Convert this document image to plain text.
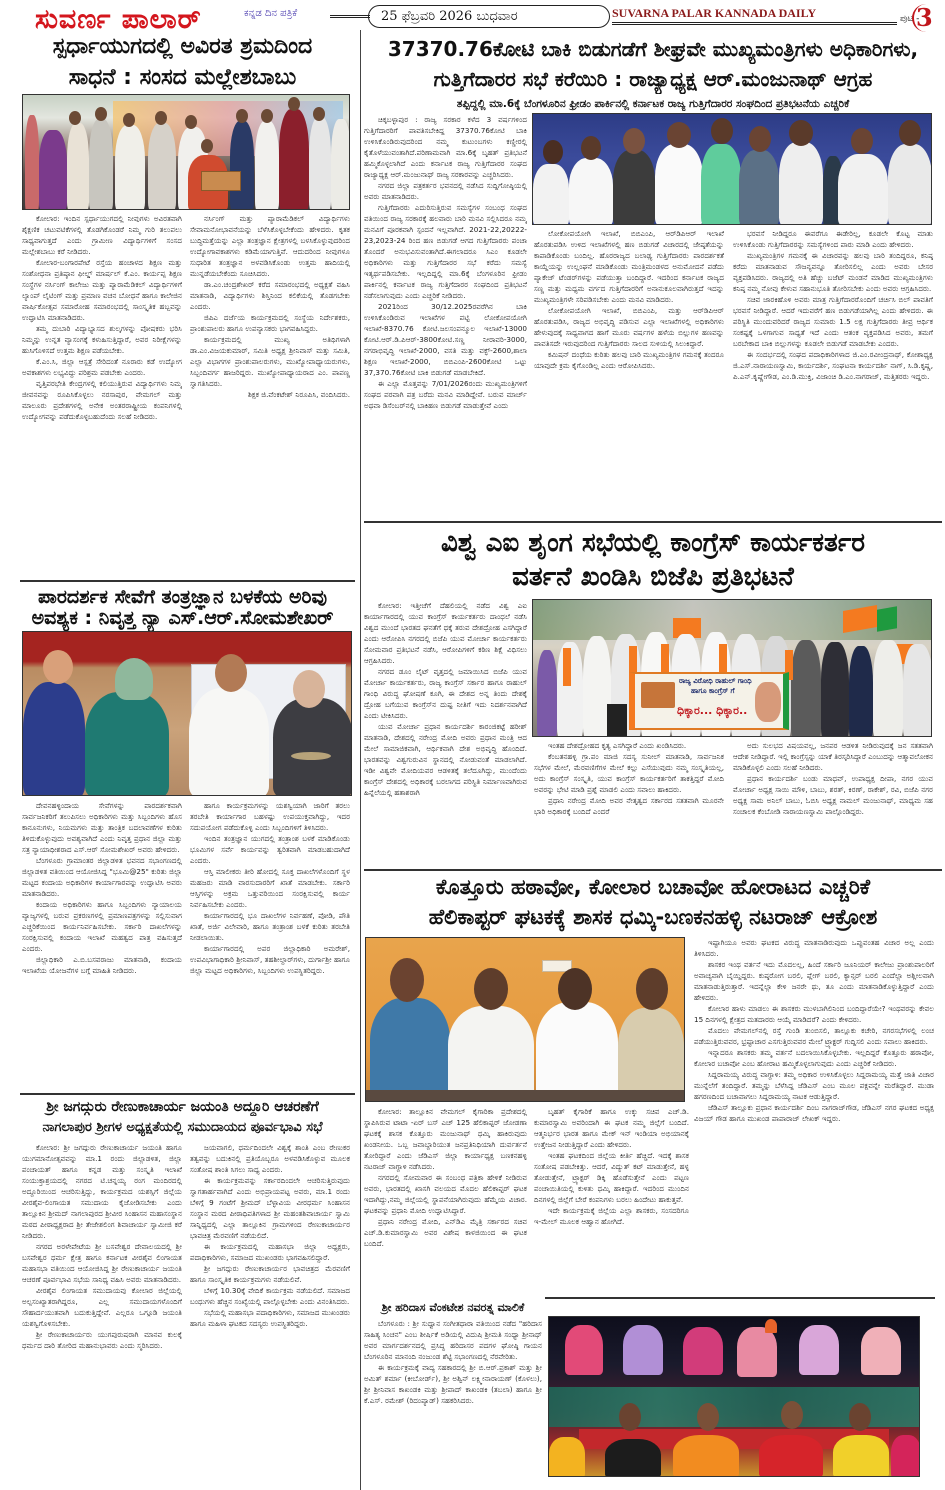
ಸುವರ್ಣ ಪಾಲಾರ್	ಕನ್ನಡ ದಿನ ಪತ್ರಿಕೆ	25 ಫೆಬ್ರವರಿ 2026 ಬುಧವಾರ	SUVARNA PALAR KANNADA DAILY	ಪುಟ -
3
ಸ್ಪರ್ಧಾಯುಗದಲ್ಲಿ ಅವಿರತ ಶ್ರಮದಿಂದ
ಸಾಧನೆ : ಸಂಸದ ಮಲ್ಲೇಶಬಾಬು

ಕೋಲಾರ: ಇಂದಿನ ಸ್ಪರ್ಧಾಯುಗದಲ್ಲಿ ನೀವುಗಳು ಅವಿರತವಾಗಿ ಶೈಕ್ಷಣಿಕ ಚಟುವಟಿಕೆಗಳಲ್ಲಿ ತೊಡಗಿಕೊಂಡರೆ ನಿಮ್ಮ ಗುರಿ ತಲುಪಲು ಸಾಧ್ಯವಾಗುತ್ತದೆ ಎಂದು ಗ್ರಾಮೀಣ ವಿದ್ಯಾರ್ಥಿಗಳಿಗೆ ಸಂಸದ ಮಲ್ಲೇಶಬಾಬು ಕರೆ ನೀಡಿದರು.

ಕೋಲಾರ-ಬಂಗಾರಪೇಟೆ ರಸ್ತೆಯ ಹಂಚಾಳದ ಶಿಕ್ಷಣ ಮತ್ತು ಸಂಶೋಧನಾ ಪ್ರತಿಷ್ಠಾನ ಫೀಲ್ಡ್ ಮಾರ್ಷಲ್ ಕೆ.ಎಂ. ಕಾರ್ಯಪ್ಪ ಶಿಕ್ಷಣ ಸಂಸ್ಥೆಗಳ ನರ್ಸಿಂಗ್ ಕಾಲೇಜು ಮತ್ತು ಪ್ಯಾರಾಮೆಡಿಕಲ್ ವಿದ್ಯಾರ್ಥಿಗಳಿಗೆ ಲ್ಯಾಂಪ್ ಲೈಟಿಂಗ್ ಮತ್ತು ಪ್ರಮಾಣ ವಚನ ಬೋಧನೆ ಹಾಗೂ ಕಾಲೇಜಿನ ವಾರ್ಷಿಕೋತ್ಸವ ಸಮಾರೋಹ ಸಮಾರಂಭದಲ್ಲಿ ಸಾಂಸ್ಕೃತಿಕ ಹಬ್ಬವನ್ನು ಉದ್ಘಾಟಿಸಿ ಮಾತನಾಡಿದರು.

ತಮ್ಮ ದುಬಾರಿ ವಿದ್ಯಾಭ್ಯಾಸದ ಶುಲ್ಕಗಳನ್ನು ಪೋಷಕರು ಭರಿಸಿ ನಿಮ್ಮನ್ನು ಉನ್ನತ ವ್ಯಾಸಂಗಕ್ಕೆ ಕಳುಹಿಸುತ್ತಿದ್ದಾರೆ, ಅವರ ನಿರೀಕ್ಷೆಗಳನ್ನು ಹುಸಿಗೊಳಿಸದೆ ಉತ್ತಮ ಶಿಕ್ಷಣ ಪಡೆಯಬೇಕು.

ಕೆ.ಎಂ.ಸಿ, ಜಿಲ್ಲಾ ಆಸ್ಪತ್ರೆ ಸೇರಿದಂತೆ ನೂರಾರು ಕಡೆ ಉದ್ಯೋಗ ಅವಕಾಶಗಳು ಲಭ್ಯವಿದ್ದು ಪರಿಶ್ರಮ ಪಡಬೇಕು ಎಂದರು.

ವೃತ್ತಿಪರಭೇತಿ ಕೇಂದ್ರಗಳಲ್ಲಿ ಕಲಿಯುತ್ತಿರುವ ವಿದ್ಯಾರ್ಥಿಗಳು ನಿಮ್ಮ ಜೀವನವನ್ನು ರೂಪಿಸಿಕೊಳ್ಳಲು ನರಸಾಪುರ, ವೇಮಗಲ್ ಮತ್ತು ಮಾಲೂರು ಪ್ರದೇಶಗಳಲ್ಲಿ ಅನೇಕ ಅಂತರರಾಷ್ಟ್ರೀಯ ಕಂಪನಿಗಳಲ್ಲಿ ಉದ್ಯೋಗವನ್ನು ಪಡೆದುಕೊಳ್ಳಬಹುದೆಂದು ಸಲಹೆ ನೀಡಿದರು.

ನರ್ಸಿಂಗ್ ಮತ್ತು ಪ್ಯಾರಾಮೆಡಿಕಲ್ ವಿದ್ಯಾರ್ಥಿಗಳು ಸೇವಾಮನೋಭಾವನೆಯನ್ನು ಬೆಳೆಸಿಕೊಳ್ಳಬೇಕೆಂದು ಹೇಳಿದರು. ಕೃತಕ ಬುದ್ಧಿಮತ್ತೆಯನ್ನು ಎಲ್ಲಾ ತಂತ್ರಜ್ಞಾನ ಕ್ಷೇತ್ರಗಳಲ್ಲಿ ಬಳಸಿಕೊಳ್ಳುವುದರಿಂದ ಉದ್ಯೋಗಾವಕಾಶಗಳು ಕಡಿಮೆಯಾಗುತ್ತಿವೆ. ಆದುದರಿಂದ ನೀವುಗಳೂ ಸುಧಾರಿತ ತಂತ್ರಜ್ಞಾನ ಅಳವಡಿಸಿಕೊಂಡು ಉತ್ತಮ ಹಾದಿಯಲ್ಲಿ ಮುನ್ನಡೆಯಬೇಕೆಂದು ಸೂಚಿಸಿದರು.

ಡಾ.ಎಂ.ಚಂದ್ರಶೇಖರ್ ಕರೆದ ಸಮಾರಂಭದಲ್ಲಿ ಅಧ್ಯಕ್ಷತೆ ವಹಿಸಿ ಮಾತನಾಡಿ, ವಿದ್ಯಾರ್ಥಿಗಳು ಶಿಸ್ತಿನಿಂದ ಕಲಿಕೆಯಲ್ಲಿ ತೊಡಗಬೇಕು ಎಂದರು.

ಜಿಪಿಎ ದರ್ಜೆಯ ಕಾರ್ಯಕ್ರಮದಲ್ಲಿ ಸಂಸ್ಥೆಯ ನಿರ್ದೇಶಕರು, ಪ್ರಾಂಶುಪಾಲರು ಹಾಗೂ ಉಪನ್ಯಾಸಕರು ಭಾಗವಹಿಸಿದ್ದರು.

ಕಾರ್ಯಕ್ರಮದಲ್ಲಿ ಮುಖ್ಯ ಅತಿಥಿಗಳಾಗಿ ಡಾ.ಎಂ.ವಿಜಯಕುಮಾರ್, ಸಮಿತಿ ಅಧ್ಯಕ್ಷ ಶ್ರೀನಿವಾಸ್ ಮತ್ತು ಸಮಿತಿ, ಎಲ್ಲಾ ವಿಭಾಗಗಳ ಪ್ರಾಂಶುಪಾಲರುಗಳು, ಮುಖ್ಯೋಪಾಧ್ಯಾಯರುಗಳು, ಸಿಬ್ಬಂದಿವರ್ಗ ಹಾಜರಿದ್ದರು. ಮುಖ್ಯೋಪಾಧ್ಯಾಯರಾದ ಎಂ. ಪಾಪಣ್ಣ ಸ್ವಾಗತಿಸಿದರು.

ಶಿಕ್ಷಕ ಜಿ.ವೆಂಕಟೇಶ್ ನಿರೂಪಿಸಿ, ವಂದಿಸಿದರು.

ಪಾರದರ್ಶಕ ಸೇವೆಗೆ ತಂತ್ರಜ್ಞಾನ ಬಳಕೆಯ ಅರಿವು
ಅವಶ್ಯಕ : ನಿವೃತ್ತ ನ್ಯಾ ಎಸ್.ಆರ್.ಸೋಮಶೇಖರ್

ದೇವನಹಳ್ಳಿಂದಾಯ ಸೇವೆಗಳನ್ನು ಪಾರದರ್ಶಕವಾಗಿ ಸಾರ್ವಜನಿಕರಿಗೆ ತಲುಪಿಸಲು ಅಧಿಕಾರಿಗಳು ಮತ್ತು ಸಿಬ್ಬಂದಿಗಳು ಹೊಸ ಕಾನೂನುಗಳು, ನಿಯಮಗಳು ಮತ್ತು ತಾಂತ್ರಿಕ ಬದಲಾವಣೆಗಳ ಕುರಿತು ತಿಳಿದುಕೊಳ್ಳುವುದು ಅವಶ್ಯವಾಗಿದೆ ಎಂದು ನಿವೃತ್ತ ಪ್ರಧಾನ ಜಿಲ್ಲಾ ಮತ್ತು ಸತ್ರ ನ್ಯಾಯಾಧೀಶರಾದ ಎಸ್.ಆರ್ ಸೋಮಶೇಖರ್ ಅವರು ಹೇಳಿದರು.

ಬೆಂಗಳೂರು ಗ್ರಾಮಾಂತರ ಜಿಲ್ಲಾಡಳಿತ ಭವನದ ಸಭಾಂಗಣದಲ್ಲಿ ಜಿಲ್ಲಾಡಳಿತ ವತಿಯಿಂದ ಆಯೋಜಿಸಿದ್ದ "ಭೂಮಿ@25" ಕುರಿತು ಜಿಲ್ಲಾ ಮಟ್ಟದ ಕಂದಾಯ ಅಧಿಕಾರಿಗಳ ಕಾರ್ಯಾಗಾರವನ್ನು ಉದ್ಘಾಟಿಸಿ ಅವರು ಮಾತನಾಡಿದರು.

ಕಂದಾಯ ಅಧಿಕಾರಿಗಳು ಹಾಗೂ ಸಿಬ್ಬಂದಿಗಳು ನ್ಯಾಯಾಲಯ ವ್ಯಾಜ್ಯಗಳಲ್ಲಿ ಬರುವ ಪ್ರಕರಣಗಳಲ್ಲಿ ಪ್ರಮಾಣಪತ್ರಗಳನ್ನು ಸಲ್ಲಿಸುವಾಗ ಎಚ್ಚರಿಕೆಯಿಂದ ಕಾರ್ಯನಿರ್ವಹಿಸಬೇಕು. ಸರ್ಕಾರಿ ದಾಖಲೆಗಳನ್ನು ಸಂರಕ್ಷಿಸುವಲ್ಲಿ ಕಂದಾಯ ಇಲಾಖೆ ಮಹತ್ವದ ಪಾತ್ರ ವಹಿಸುತ್ತದೆ ಎಂದರು.

ಜಿಲ್ಲಾಧಿಕಾರಿ ಎ.ಬಿ.ಬಸವರಾಜು ಮಾತನಾಡಿ, ಕಂದಾಯ ಇಲಾಖೆಯ ಯೋಜನೆಗಳ ಬಗ್ಗೆ ಮಾಹಿತಿ ನೀಡಿದರು.

ಹಾಗೂ ಕಾರ್ಯಕ್ರಮಗಳನ್ನು ಯಶಸ್ವಿಯಾಗಿ ಜಾರಿಗೆ ತರಲು ತರಬೇತಿ ಕಾರ್ಯಾಗಾರ ಬಹಳಷ್ಟು ಉಪಯುಕ್ತವಾಗಿದ್ದು, ಇದರ ಸದುಪಯೋಗ ಪಡೆದುಕೊಳ್ಳಿ ಎಂದು ಸಿಬ್ಬಂದಿಗಳಿಗೆ ತಿಳಿಸಿದರು.

ಇಂದಿನ ತಂತ್ರಜ್ಞಾನ ಯುಗದಲ್ಲಿ ತಂತ್ರಾಂಶ ಬಳಕೆ ಮಾಡಿಕೊಂಡು ಭೂಮಿಗಳ ಸರ್ವೆ ಕಾರ್ಯವನ್ನು ತ್ವರಿತವಾಗಿ ಮಾಡಬಹುದಾಗಿದೆ ಎಂದರು.

ಆಸ್ತಿ ಮಾಲೀಕರು ತೀರಿ ಹೋದಲ್ಲಿ ಸೂಕ್ತ ದಾಖಲೆಗಳೊಂದಿಗೆ ಸ್ಥಳ ಮಹಜರು ಮಾಡಿ ವಾರಸುದಾರರಿಗೆ ಖಾತೆ ಮಾಡಬೇಕು. ಸರ್ಕಾರಿ ಆಸ್ತಿಗಳನ್ನು ಅಕ್ರಮ ಒತ್ತುವರಿಯಿಂದ ಸಂರಕ್ಷಿಸುವಲ್ಲಿ ಕಾರ್ಯ ನಿರ್ವಹಿಸಬೇಕು ಎಂದರು.

ಕಾರ್ಯಾಗಾರದಲ್ಲಿ ಭೂ ದಾಖಲೆಗಳ ನಿರ್ವಹಣೆ, ಪೋಡಿ, ಪೌತಿ ಖಾತೆ, ಅರ್ಜಿ ವಿಲೇವಾರಿ, ಹಾಗೂ ತಂತ್ರಾಂಶ ಬಳಕೆ ಕುರಿತು ತರಬೇತಿ ನೀಡಲಾಯಿತು.

ಕಾರ್ಯಾಗಾರದಲ್ಲಿ ಅಪರ ಜಿಲ್ಲಾಧಿಕಾರಿ ಅಮರೇಶ್, ಉಪವಿಭಾಗಾಧಿಕಾರಿ ಶ್ರೀನಿವಾಸ್, ತಹಶೀಲ್ದಾರ್‌ಗಳು, ದುರ್ಗಾಶ್ರೀ ಹಾಗೂ ಜಿಲ್ಲಾ ಮಟ್ಟದ ಅಧಿಕಾರಿಗಳು, ಸಿಬ್ಬಂದಿಗಳು ಉಪಸ್ಥಿತರಿದ್ದರು.

ಶ್ರೀ ಜಗದ್ಗುರು ರೇಣುಕಾಚಾರ್ಯ ಜಯಂತಿ ಅದ್ದೂರಿ ಆಚರಣೆಗೆ
ನಾಗಲಾಪುರ ಶ್ರೀಗಳ ಅಧ್ಯಕ್ಷತೆಯಲ್ಲಿ ಸಮುದಾಯದ ಪೂರ್ವಭಾವಿ ಸಭೆ

ಕೋಲಾರ: ಶ್ರೀ ಜಗದ್ಗುರು ರೇಣುಕಾಚಾರ್ಯ ಜಯಂತಿ ಹಾಗೂ ಯುಗಮಾನೋತ್ಸವವನ್ನು ಮಾ.1 ರಂದು ಜಿಲ್ಲಾಡಳಿತ, ಜಿಲ್ಲಾ ಪಂಚಾಯತ್ ಹಾಗೂ ಕನ್ನಡ ಮತ್ತು ಸಂಸ್ಕೃತಿ ಇಲಾಖೆ ಸಂಯುಕ್ತಾಶ್ರಯದಲ್ಲಿ ನಗರದ ಟಿ.ಚನ್ನಯ್ಯ ರಂಗ ಮಂದಿರದಲ್ಲಿ ಅದ್ದೂರಿಯಿಂದ ಆಚರಿಸುತ್ತಿದ್ದು, ಕಾರ್ಯಕ್ರಮದ ಯಶಸ್ಸಿಗೆ ಜಿಲ್ಲೆಯ ವೀರಶೈವ-ಲಿಂಗಾಯತ ಸಮುದಾಯ ಕೈಜೋಡಿಸಬೇಕು ಎಂದು ತಾಲ್ಲೂಕಿನ ಶ್ರೀಮದ್ ನಾಗಲಾಪುರದ ಶ್ರೀವೀರ ಸಿಂಹಾಸನ ಮಹಾಸಂಸ್ಥಾನ ಮಠದ ಪೀಠಾಧ್ಯಕ್ಷರಾದ ಶ್ರೀ ತೇಜೇಶಲಿಂಗ ಶಿವಾಚಾರ್ಯ ಸ್ವಾಮೀಜಿ ಕರೆ ನೀಡಿದರು.

ನಗರದ ಅರಳೇಪೇಟೆಯ ಶ್ರೀ ಬಸವೇಶ್ವರ ದೇವಾಲಯದಲ್ಲಿ ಶ್ರೀ ಬಸವೇಶ್ವರ ಧರ್ಮ ಕ್ಷೇತ್ರ ಹಾಗೂ ಕರ್ನಾಟಕ ವೀರಶೈವ ಲಿಂಗಾಯತ ಮಹಾಸಭಾ ವತಿಯಿಂದ ಆಯೋಜಿಸಿದ್ದ ಶ್ರೀ ರೇಣುಕಾಚಾರ್ಯ ಜಯಂತಿ ಆಚರಣೆ ಪೂರ್ವಭಾವಿ ಸಭೆಯ ಸಾನಿಧ್ಯ ವಹಿಸಿ ಅವರು ಮಾತನಾಡಿದರು.

ವೀರಶೈವ ಲಿಂಗಾಯತ ಸಮುದಾಯವು ಕೋಲಾರ ಜಿಲ್ಲೆಯಲ್ಲಿ ಅಲ್ಪಸಂಖ್ಯಾತರಾಗಿದ್ದರೂ, ಎಲ್ಲ ಸಮುದಾಯಗಳೊಂದಿಗೆ ಸೌಹಾರ್ದಯುತವಾಗಿ ಬದುಕುತ್ತಿದ್ದೇವೆ. ಎಲ್ಲರೂ ಒಗ್ಗೂಡಿ ಜಯಂತಿ ಯಶಸ್ವಿಗೊಳಿಸಬೇಕು.

ಶ್ರೀ ರೇಣುಕಾಚಾರ್ಯರು ಯುಗಪುರುಷರಾಗಿ ಮಾನವ ಕುಲಕ್ಕೆ ಧರ್ಮದ ದಾರಿ ತೋರಿದ ಮಹಾನುಭಾವರು ಎಂದು ಸ್ಮರಿಸಿದರು.

ಜಯವಾಗಲಿ, ಧರ್ಮದಿಂದಲೇ ವಿಶ್ವಕ್ಕೆ ಶಾಂತಿ ಎಂಬ ರೇಣುಕರ ತತ್ವವನ್ನು ಬದುಕಿನಲ್ಲಿ ಪ್ರತಿಯೊಬ್ಬರೂ ಅಳವಡಿಸಿಕೊಳ್ಳುವ ಮೂಲಕ ಸಂತೋಷ ಶಾಂತಿ ಸಿಗಲು ಸಾಧ್ಯ ಎಂದರು.

ಈ ಕಾರ್ಯಕ್ರಮವನ್ನು ಸರ್ಕಾರದಿಂದಲೇ ಆಚರಿಸುತ್ತಿರುವುದು ಸ್ವಾಗತಾರ್ಹವಾಗಿದೆ ಎಂದು ಅಭಿಪ್ರಾಯಪಟ್ಟ ಅವರು, ಮಾ.1 ರಂದು ಬೆಳಿಗ್ಗೆ 9 ಗಂಟೆಗೆ ಶ್ರೀಮದ್ ಬೆಳ್ಳಾವಿಯ ವೀರಧರ್ಮ ಸಿಂಹಾಸನ ಸಂಸ್ಥಾನ ಮಠದ ಪೀಠಾಧಿಪತಿಗಳಾದ ಶ್ರೀ ಮಹಂತಶಿವಾಚಾರ್ಯ ಸ್ವಾಮಿ ಸಾನ್ನಿಧ್ಯದಲ್ಲಿ ಎಲ್ಲಾ ತಾಲ್ಲೂಕಿನ ಗ್ರಾಮಗಳಿಂದ ರೇಣುಕಾಚಾರ್ಯರ ಭಾವಚಿತ್ರ ಮೆರವಣಿಗೆ ನಡೆಯಲಿದೆ.

ಈ ಕಾರ್ಯಕ್ರಮದಲ್ಲಿ ಮಹಾಸಭಾ ಜಿಲ್ಲಾ ಅಧ್ಯಕ್ಷರು, ಪದಾಧಿಕಾರಿಗಳು, ಸಮಾಜದ ಮುಖಂಡರು ಭಾಗವಹಿಸಲಿದ್ದಾರೆ.

ಶ್ರೀ ಜಗದ್ಗುರು ರೇಣುಕಾಚಾರ್ಯರ ಭಾವಚಿತ್ರದ ಮೆರವಣಿಗೆ ಹಾಗೂ ಸಾಂಸ್ಕೃತಿಕ ಕಾರ್ಯಕ್ರಮಗಳು ನಡೆಯಲಿವೆ.

ಬೆಳಿಗ್ಗೆ 10.30ಕ್ಕೆ ವೇದಿಕೆ ಕಾರ್ಯಕ್ರಮ ನಡೆಯಲಿದೆ. ಸಮಾಜದ ಬಂಧುಗಳು ಹೆಚ್ಚಿನ ಸಂಖ್ಯೆಯಲ್ಲಿ ಪಾಲ್ಗೊಳ್ಳಬೇಕು ಎಂದು ವಿನಂತಿಸಿದರು.

ಸಭೆಯಲ್ಲಿ ಮಹಾಸಭಾ ಪದಾಧಿಕಾರಿಗಳು, ಸಮಾಜದ ಮುಖಂಡರು ಹಾಗೂ ಮಹಿಳಾ ಘಟಕದ ಸದಸ್ಯರು ಉಪಸ್ಥಿತರಿದ್ದರು.

37370.76ಕೋಟಿ ಬಾಕಿ ಬಿಡುಗಡೆಗೆ ಶೀಘ್ರವೇ ಮುಖ್ಯಮಂತ್ರಿಗಳು ಅಧಿಕಾರಿಗಳು,
ಗುತ್ತಿಗೆದಾರರ ಸಭೆ ಕರೆಯಿರಿ : ರಾಜ್ಯಾಧ್ಯಕ್ಷ ಆರ್.ಮಂಜುನಾಥ್ ಆಗ್ರಹ
ತಪ್ಪಿದ್ದಲ್ಲಿ ಮಾ.6ಕ್ಕೆ ಬೆಂಗಳೂರಿನ ಫ್ರೀಡಂ ಪಾರ್ಕಿನಲ್ಲಿ ಕರ್ನಾಟಕ ರಾಜ್ಯ ಗುತ್ತಿಗೆದಾರರ ಸಂಘದಿಂದ ಪ್ರತಿಭಟನೆಯ ಎಚ್ಚರಿಕೆ

ಚಿಕ್ಕಬಳ್ಳಾಪುರ : ರಾಜ್ಯ ಸರಕಾರ ಕಳೆದ 3 ವರ್ಷಗಳಿಂದ ಗುತ್ತಿಗೆದಾರರಿಗೆ ಪಾವತಿಸಬೇಕಿದ್ದ 37370.76ಕೋಟಿ ಬಾಕಿ ಉಳಿಸಿಕೊಂಡಿರುವುದರಿಂದ ನಮ್ಮ ಕುಟುಂಬಗಳು ಕಣ್ಣೀರಲ್ಲಿ ಕೈತೊಳೆಯುವಂತಾಗಿದೆ.ಪರಿಣಾಮವಾಗಿ ಮಾ.6ಕ್ಕೆ ಬೃಹತ್ ಪ್ರತಿಭಟನೆ ಹಮ್ಮಿಕೊಳ್ಳಲಾಗಿದೆ ಎಂದು ಕರ್ನಾಟಕ ರಾಜ್ಯ ಗುತ್ತಿಗೆದಾರರ ಸಂಘದ ರಾಜ್ಯಾಧ್ಯಕ್ಷ ಆರ್.ಮಂಜುನಾಥ್ ರಾಜ್ಯ ಸರಕಾರವನ್ನು ಎಚ್ಚರಿಸಿದರು.

ನಗರದ ಜಿಲ್ಲಾ ಪತ್ರಕರ್ತರ ಭವನದಲ್ಲಿ ನಡೆಸಿದ ಸುದ್ದಿಗೋಷ್ಠಿಯಲ್ಲಿ ಅವರು ಮಾತನಾಡಿದರು.

ಗುತ್ತಿಗೆದಾರರು ಎದುರಿಸುತ್ತಿರುವ ಸಮಸ್ಯೆಗಳ ಸಂಬಂಧ ಸಂಘದ ವತಿಯಿಂದ ರಾಜ್ಯ ಸರಕಾರಕ್ಕೆ ಹಲವಾರು ಬಾರಿ ಮನವಿ ಸಲ್ಲಿಸಿದರೂ ನಮ್ಮ ಮನವಿಗೆ ಪೂರಕವಾಗಿ ಸ್ಪಂದನೆ ಇಲ್ಲವಾಗಿದೆ. 2021-22,20222-23,2023-24 ರಿಂದ ಹಣ ಬಿಡುಗಡೆ ಆಗದ ಗುತ್ತಿಗೆದಾರರು ಪಂಚಾ ತೊಂದರೆ ಅನುಭವಿಸುವಂತಾಗಿದೆ.ಈಗಲಾದರೂ ಸಿಎಂ ಕೂಡಲೇ ಅಧಿಕಾರಿಗಳು ಮತ್ತು ಗುತ್ತಿಗೆದಾರರ ಸಭೆ ಕರೆದು ಸಮಸ್ಯೆ ಇತ್ಯರ್ಥಪಡಿಸಬೇಕು. ಇಲ್ಲದಿದ್ದಲ್ಲಿ ಮಾ.6ಕ್ಕೆ ಬೆಂಗಳೂರಿನ ಫ್ರೀಡಂ ಪಾರ್ಕಿನಲ್ಲಿ ಕರ್ನಾಟಕ ರಾಜ್ಯ ಗುತ್ತಿಗೆದಾರರ ಸಂಘದಿಂದ ಪ್ರತಿಭಟನೆ ನಡೆಸಲಾಗುವುದು ಎಂದು ಎಚ್ಚರಿಕೆ ನೀಡಿದರು.

2021ರಿಂದ 30/12.2025ರವರೆಗಿನ ಬಾಕಿ ಉಳಿಸಿಕೊಂಡಿರುವ ಇಲಾಖೆಗಳ ಪಟ್ಟಿ ಲೋಕೋಪಯೋಗಿ ಇಲಾಖೆ-8370.76 ಕೋಟಿ.ಜಲಸಂಪನ್ಮೂಲ ಇಲಾಖೆ-13000 ಕೋಟಿ.ಆರ್.ಡಿ.ಪಿಆರ್-3800ಕೋಟಿ.ಸಣ್ಣ ನೀರಾವರಿ-3000, ನಗರಾಭಿವೃದ್ಧಿ ಇಲಾಖೆ-2000, ವಸತಿ ಮತ್ತು ವಕ್ಫ್-2600,ಶಾಲಾ ಶಿಕ್ಷಣ ಇಲಾಖೆ-2000, ಬಿಬಿಎಂಪಿ-2600ಕೋಟಿ ಒಟ್ಟು 37,370.76ಕೋಟಿ ಬಾಕಿ ಬಿಡುಗಡೆ ಮಾಡಬೇಕಿದೆ.

ಈ ಎಲ್ಲಾ ಮೊತ್ತವನ್ನು 7/01/2026ರಂದು ಮುಖ್ಯಮಂತ್ರಿಗಳಿಗೆ ಸಂಘದ ಪರವಾಗಿ ಪತ್ರ ಬರೆದು ಮನವಿ ಮಾಡಿದ್ದೇವೆ. ಬರುವ ಮಾರ್ಚ್ ಅಥವಾ ಡಿಸೆಂಬರ್‌ನಲ್ಲಿ ಬಾಕಿಹಣ ಬಿಡುಗಡೆ ಮಾಡುತ್ತೇವೆ ಎಂದು

ಲೋಕೋಪಯೋಗಿ ಇಲಾಖೆ, ಬಿಬಿಎಂಪಿ, ಆರ್‌ಡಿಪಿಆರ್ ಇಲಾಖೆ ಹೊರತುಪಡಿಸಿ ಉಳಿದ ಇಲಾಖೆಗಳಲ್ಲಿ ಹಣ ಬಿಡುಗಡೆ ವಿಚಾರದಲ್ಲಿ ಜೇಷ್ಠತೆಯನ್ನು ಕಾಪಾಡಿಕೊಂಡು ಬಂದಿಲ್ಲ. ಹೊರರಾಜ್ಯದ ಬಲಾಢ್ಯ ಗುತ್ತಿಗೆದಾರರು ಪಾರದರ್ಶಕತೆ ಕಾಯ್ದೆಯನ್ನು ಉಲ್ಲಂಘನೆ ಮಾಡಿಕೊಂಡು ಮಂತ್ರಿಮಂಡಳದ ಅನುಮೋದನೆ ಪಡೆದು ಪ್ಯಾಕೇಜ್ ಟೆಂಡರ್‌ಗಳನ್ನು ಪಡೆಯುತ್ತಾ ಬಂದಿದ್ದಾರೆ. ಇದರಿಂದ ಕರ್ನಾಟಕ ರಾಜ್ಯದ ಸಣ್ಣ ಮತ್ತು ಮಧ್ಯಮ ವರ್ಗದ ಗುತ್ತಿಗೆದಾರರಿಗೆ ಅನಾನುಕೂಲವಾಗಿರುತ್ತದೆ ಇದನ್ನು ಮುಖ್ಯಮಂತ್ರಿಗಳೇ ಸರಿಪಡಿಸಬೇಕು ಎಂದು ಮನವಿ ಮಾಡಿದರು.

ಲೋಕೋಪಯೋಗಿ ಇಲಾಖೆ, ಬಿಬಿಎಂಪಿ, ಮತ್ತು ಆರ್‌ಡಿಪಿಆರ್ ಹೊರತುಪಡಿಸಿ, ರಾಜ್ಯದ ಅಭಿವೃದ್ಧಿ ಪಡಿಸುವ ಎಲ್ಲಾ ಇಲಾಖೆಗಳಲ್ಲಿ ಅಧಿಕಾರಿಗಳು ಹೇಳುವುದಕ್ಕೆ ಸಾಧ್ಯವಾಗದ ಹಾಗೆ ಮೂರು ವರ್ಷಗಳ ಹಳೆಯ ಬಿಲ್ಲುಗಳ ಹಣವನ್ನು ಪಾವತಿಸದೇ ಇರುವುದರಿಂದ ಗುತ್ತಿಗೆದಾರರು ಸಾಲದ ಸುಳಿಯಲ್ಲಿ ಸಿಲುಕಿದ್ದಾರೆ.

ಕಮಿಷನ್ ದಂಧೆಯ ಕುರಿತು ಹಲವು ಬಾರಿ ಮುಖ್ಯಮಂತ್ರಿಗಳ ಗಮನಕ್ಕೆ ತಂದರೂ ಯಾವುದೇ ಕ್ರಮ ಕೈಗೊಂಡಿಲ್ಲ ಎಂದು ಆರೋಪಿಸಿದರು.

ಭರವಸೆ ನೀಡಿದ್ದರೂ ಈವರೆಗೂ ಈಡೇರಿಲ್ಲ, ಕೂಡಲೇ ಕೊಟ್ಟ ಮಾತು ಉಳಿಸಿಕೊಂಡು ಗುತ್ತಿಗೆದಾರರನ್ನು ಸಮಸ್ಯೆಗಳಿಂದ ಪಾರು ಮಾಡಿ ಎಂದು ಹೇಳಿದರು.

ಮುಖ್ಯಮಂತ್ರಿಗಳ ಗಮನಕ್ಕೆ ಈ ವಿಚಾರವನ್ನು ಹಲವು ಬಾರಿ ತಂದಿದ್ದರೂ, ಕನಿಷ್ಠ ಕರೆದು ಮಾತನಾಡುವ ಸೌಜನ್ಯವನ್ನೂ ತೋರಿಸಲಿಲ್ಲ ಎಂದು ಅವರು ಬೇಸರ ವ್ಯಕ್ತಪಡಿಸಿದರು. ರಾಜ್ಯದಲ್ಲಿ ಅತಿ ಹೆಚ್ಚು ಬಜೆಟ್ ಮಂಡನೆ ಮಾಡಿದ ಮುಖ್ಯಮಂತ್ರಿಗಳು ಕನಿಷ್ಠ ನಮ್ಮ ನೋವು ಕೇಳುವ ಸಹಾನುಭೂತಿ ತೋರಿಸಬೇಕು ಎಂದು ಅವರು ಆಗ್ರಹಿಸಿದರು.

ಸಚಿವ ಜಾರಕಿಹೊಳಿ ಅವರು ಮಾತ್ರ ಗುತ್ತಿಗೆದಾರರೊಂದಿಗೆ ಚರ್ಚಿಸಿ ಬಿಲ್ ಪಾವತಿಗೆ ಭರವಸೆ ನೀಡಿದ್ದಾರೆ. ಆದರೆ ಇದುವರೆಗೆ ಹಣ ಬಿಡುಗಡೆಯಾಗಿಲ್ಲ ಎಂದು ಹೇಳಿದರು. ಈ ಪರಿಸ್ಥಿತಿ ಮುಂದುವರಿದರೆ ರಾಜ್ಯದ ಸುಮಾರು 1.5 ಲಕ್ಷ ಗುತ್ತಿಗೆದಾರರು ತೀವ್ರ ಆರ್ಥಿಕ ಸಂಕಷ್ಟಕ್ಕೆ ಒಳಗಾಗುವ ಸಾಧ್ಯತೆ ಇದೆ ಎಂದು ಆತಂಕ ವ್ಯಕ್ತಪಡಿಸಿದ ಅವರು, ತಮಗೆ ಬರಬೇಕಾದ ಬಾಕಿ ಬಿಲ್ಲುಗಳನ್ನು ಕೂಡಲೇ ಬಿಡುಗಡೆ ಮಾಡಬೇಕು ಎಂದರು.

ಈ ಸಂದರ್ಭದಲ್ಲಿ ಸಂಘದ ಪದಾಧಿಕಾರಿಗಳಾದ ಜಿ.ಎಂ.ರವೀಂದ್ರನಾಥ್, ಕೋಶಾಧ್ಯಕ್ಷ ಜಿ.ಎಸ್.ನಾರಾಯಣಸ್ವಾಮಿ, ಕಾರ್ಯದರ್ಶಿ, ಸಂಘಟನಾ ಕಾರ್ಯದರ್ಶಿ ನಾಗ್, ಸಿ.ಡಿ.ಕೃಷ್ಣ, ಪಿ.ಎನ್.ಕೃಷ್ಣೇಗೌಡ, ಎಂ.ಡಿ.ಮುಕ್ತಿ, ವಿಜಾಂಚಿ ಡಿ.ಎಂ.ನಾಗರಾಜ್, ಮತ್ತಿತರರು ಇದ್ದರು.

ವಿಶ್ವ ಎಐ ಶೃಂಗ ಸಭೆಯಲ್ಲಿ ಕಾಂಗ್ರೆಸ್ ಕಾರ್ಯಕರ್ತರ
ವರ್ತನೆ ಖಂಡಿಸಿ ಬಿಜೆಪಿ ಪ್ರತಿಭಟನೆ
ರಾಜ್ಯ ವಿರೋಧಿ ರಾಹುಲ್ ಗಾಂಧಿ
ಹಾಗೂ ಕಾಂಗ್ರೆಸ್ ಗೆ
ಧಿಕ್ಕಾರ... ಧಿಕ್ಕಾರ..

ಕೋಲಾರ: ಇತ್ತೀಚೆಗೆ ದೆಹಲಿಯಲ್ಲಿ ನಡೆದ ವಿಶ್ವ ಎಐ ಕಾರ್ಯಾಗಾರದಲ್ಲಿ ಯುವ ಕಾಂಗ್ರೆಸ್ ಕಾರ್ಯಕರ್ತರು ದಾಂಧಲೆ ನಡೆಸಿ ವಿಶ್ವದ ಮುಂದೆ ಭಾರತದ ಘನತೆಗೆ ಧಕ್ಕೆ ತರುವ ದೇಶದ್ರೋಹ ಎಸಗಿದ್ದಾರೆ ಎಂದು ಆರೋಪಿಸಿ ನಗರದಲ್ಲಿ ಬಿಜೆಪಿ ಯುವ ಮೋರ್ಚಾ ಕಾರ್ಯಕರ್ತರು ಸೋಮವಾರ ಪ್ರತಿಭಟನೆ ನಡೆಸಿ, ಆರೋಪಿಗಳಿಗೆ ಕಠಿಣ ಶಿಕ್ಷೆ ವಿಧಿಸಲು ಆಗ್ರಹಿಸಿದರು.

ನಗರದ ಡೂಂ ಲೈಟ್ ವೃತ್ತದಲ್ಲಿ ಜಮಾಯಿಸಿದ ಬಿಜೆಪಿ ಯುವ ಮೋರ್ಚಾ ಕಾರ್ಯಕರ್ತರು, ರಾಜ್ಯ ಕಾಂಗ್ರೆಸ್ ಸರ್ಕಾರ ಹಾಗೂ ರಾಹುಲ್ ಗಾಂಧಿ ವಿರುದ್ಧ ಘೋಷಣೆ ಕೂಗಿ, ಈ ದೇಶದ ಅನ್ನ ತಿಂದು ದೇಶಕ್ಕೆ ದ್ರೋಹ ಬಗೆಯುವ ಕಾಂಗ್ರೆಸ್‌ನ ದುಷ್ಟ ನೀತಿಗೆ ಇದು ನಿದರ್ಶನವಾಗಿದೆ ಎಂದು ಟೀಕಿಸಿದರು.

ಯುವ ಮೋರ್ಚಾ ಪ್ರಧಾನ ಕಾರ್ಯದರ್ಶಿ ಕಾರಂಜಿಕಟ್ಟೆ ಹರೀಶ್ ಮಾತನಾಡಿ, ದೇಶದಲ್ಲಿ ನರೇಂದ್ರ ಮೋದಿ ಅವರು ಪ್ರಧಾನ ಮಂತ್ರಿ ಆದ ಮೇಲೆ ಸಾಮಾಜಿಕವಾಗಿ, ಆರ್ಥಿಕವಾಗಿ ದೇಶ ಅಭಿವೃದ್ಧಿ ಹೊಂದಿದೆ. ಭಾರತವನ್ನು ವಿಶ್ವಗುರುವಿನ ಸ್ಥಾನದಲ್ಲಿ ನೋಡುವಂತೆ ಮಾಡಲಾಗಿದೆ. ಇಡೀ ವಿಶ್ವವೇ ಮೋದಿಯವರ ಆಡಳಿತಕ್ಕೆ ತಲೆದೂಗಿದ್ದು, ಮುಂದೆಂದು ಕಾಂಗ್ರೆಸ್ ದೇಶದಲ್ಲಿ ಅಧಿಕಾರಕ್ಕೆ ಬರಲಾಗದ ಪರಿಸ್ಥಿತಿ ನಿರ್ಮಾಣವಾಗಿರುವ ಹಿನ್ನೆಲೆಯಲ್ಲಿ ಹತಾಶರಾಗಿ

ಇಂತಹ ದೇಶದ್ರೋಹದ ಕೃತ್ಯ ಎಸಗಿದ್ದಾರೆ ಎಂದು ಖಂಡಿಸಿದರು.

ಕೆಂಬತನಹಳ್ಳಿ ಗ್ರಾ.ಪಂ ಮಾಜಿ ಸದಸ್ಯ ಸುನೀಲ್ ಮಾತನಾಡಿ, ಸಾರ್ವಜನಿಕ ಸಭೆಗಳ ಮೇಲೆ, ಮೆರವಣಿಗೆಗಳ ಮೇಲೆ ಕಲ್ಲು ಎಸೆಯುವುದು ನಮ್ಮ ಸಂಸ್ಕೃತಿಯಲ್ಲ, ಅದು ಕಾಂಗ್ರೆಸ್ ಸಂಸ್ಕೃತಿ, ಯುವ ಕಾಂಗ್ರೆಸ್ ಕಾರ್ಯಕರ್ತರಿಗೆ ತಾಕತ್ತಿದ್ದರೆ ಮೋದಿ ಅವರನ್ನು ಭೇಟಿ ಮಾಡಿ ಪ್ರಶ್ನೆ ಮಾಡಲಿ ಎಂದು ಸವಾಲು ಹಾಕಿದರು.

ಪ್ರಧಾನಿ ನರೇಂದ್ರ ಮೋದಿ ಅವರ ನೇತೃತ್ವದ ಸರ್ಕಾರದ ಸತತವಾಗಿ ಮೂರನೇ ಭಾರಿ ಅಧಿಕಾರಕ್ಕೆ ಬಂದಿದೆ ಎಂದರೆ

ಅದು ಸುಲಭದ ವಿಷಯವಲ್ಲ, ಜನಪರ ಆಡಳಿತ ನೀಡಿರುವುದಕ್ಕೆ ಜನ ಸತತವಾಗಿ ಆದೇಶ ನೀಡಿದ್ದಾರೆ. ಇಲ್ಲಿ ಕಾಂಗ್ರೆಸ್ಸನ್ನು ಯಾಕೆ ತಿರಸ್ಕರಿಸಿದ್ದಾರೆ ಎಂಬುದನ್ನು ಆತ್ಮಾವಲೋಕನ ಮಾಡಿಕೊಳ್ಳಲಿ ಎಂದು ಸಲಹೆ ನೀಡಿದರು.

ಪ್ರಧಾನ ಕಾರ್ಯದರ್ಶಿ ಬಂಡು ಮಾಧವ್, ಉಪಾಧ್ಯಕ್ಷ ದೀಪಾ, ನಗರ ಯುವ ಮೋರ್ಚಾ ಅಧ್ಯಕ್ಷ ಸಾಯಿ ಮೌಳಿ, ಬಾಬು, ಶರತ್, ಕಿರಣ್, ರಾಕೇಶ್, ರವಿ, ಬಿಜೆಪಿ ನಗರ ಅಧ್ಯಕ್ಷ ಸಾಮ ಅನಿಲ್ ಬಾಬು, ಓಬಿಸಿ ಅಧ್ಯಕ್ಷ ನಾಮಲ್ ಮಂಜುನಾಥ್, ಮಾಧ್ಯಮ ಸಹ ಸಂಚಾಲಕ ಕೆಂಬೋಡಿ ನಾರಾಯಣಸ್ವಾಮಿ ಪಾಲ್ಗೊಂಡಿದ್ದರು.

ಕೊತ್ತೂರು ಹಠಾವೋ, ಕೋಲಾರ ಬಚಾವೋ ಹೋರಾಟದ ಎಚ್ಚರಿಕೆ
ಹೆಲಿಕಾಪ್ಟರ್ ಘಟಕಕ್ಕೆ ಶಾಸಕ ಧಮ್ಕಿ-ಬಣಕನಹಳ್ಳಿ ನಟರಾಜ್ ಆಕ್ರೋಶ

ಇಷ್ಟಾಗಿಯೂ ಅವರು ಘಟಕದ ವಿರುದ್ಧ ಮಾತನಾಡಿರುವುದು ಒಪ್ಪುವಂತಹ ವಿಚಾರ ಅಲ್ಲ ಎಂದು ತಿಳಿಸಿದರು.

ಶಾಸಕರ ಇಂಥ ವರ್ತನೆ ಇದು ಮೊದಲಲ್ಲ, ಹಿಂದೆ ಸರ್ಕಾರಿ ಜೂನಿಯರ್ ಕಾಲೇಜು ಪ್ರಾಂಶುಪಾಲರಿಗೆ ಅವಾಚ್ಯವಾಗಿ ಬೈಯ್ದಿದ್ದರು. ಕುಷ್ಠರೋಗ ಬರಲಿ, ಪ್ಲೇಗ್ ಬರಲಿ, ಕ್ಯಾನ್ಸರ್ ಬರಲಿ ಎಂದೆಲ್ಲಾ ಅಶ್ಲೀಲವಾಗಿ ಮಾತನಾಡುತ್ತಿರುತ್ತಾರೆ. ಇದನ್ನೆಲ್ಲಾ ಕೇಳಿ ಜನರೇ ಥು, ತೂ ಎಂದು ಮಾತನಾಡಿಕೊಳ್ಳುತ್ತಿದ್ದಾರೆ ಎಂದು ಹೇಳಿದರು.

ಕೋಲಾರ ಹಾಳು ಮಾಡಲು ಈ ಶಾಸಕರು ಮುಳಬಾಗಿಲಿನಿಂದ ಬಂದಿದ್ದಾರೆಯೇ? ಇಂಥವರನ್ನು ಕೇವಲ 15 ದಿನಗಳಲ್ಲಿ ಕ್ಷೇತ್ರದ ಮತದಾರರು ಆಯ್ಕೆ ಮಾಡಿದರೆ? ಎಂದು ಕೇಳಿದರು.

ಮೊದಲು ವೇಮಗಲ್‌ನಲ್ಲಿ ರಸ್ತೆ ಗುಂಡಿ ತುಂಬಿಸಲಿ, ತಾಲ್ಲೂಕು ಕಚೇರಿ, ನಗರಸಭೆಗಳಲ್ಲಿ ಲಂಚ ಪಡೆಯುತ್ತಿರುವವರ, ಭ್ರಷ್ಟಾಚಾರ ಎಸಗುತ್ತಿರುವವರ ಮೇಲೆ ಟ್ರ್ಯಾಕ್ಟರ್ ಗುದ್ದಿಸಲಿ ಎಂದು ಸವಾಲು ಹಾಕಿದರು.

ಇನ್ನಾದರೂ ಶಾಸಕರು ತಮ್ಮ ವರ್ತನೆ ಬದಲಾಯಿಸಿಕೊಳ್ಳಬೇಕು. ಇಲ್ಲದಿದ್ದರೆ ಕೊತ್ತೂರು ಹಠಾವೋ, ಕೋಲಾರ ಬಚಾವೋ ಎಂಬ ಹೋರಾಟ ಹಮ್ಮಿಕೊಳ್ಳಲಾಗುವುದು ಎಂದು ಎಚ್ಚರಿಕೆ ನೀಡಿದರು.

ಸಿದ್ದರಾಮಯ್ಯ ವಿರುದ್ಧ ವಾಗ್ದಾಳಿ: ತಮ್ಮ ಅಧಿಕಾರ ಉಳಿಸಿಕೊಳ್ಳಲು ಸಿದ್ದರಾಮಯ್ಯ ಮತ್ತೆ ಜಾತಿ ವಿಚಾರ ಮುನ್ನೆಲೆಗೆ ತಂದಿದ್ದಾರೆ. ತಮ್ಮನ್ನು ಬೆಳೆಸಿದ್ದ ಜೆಡಿಎಸ್ ಎಂಬ ಮೂಲ ಪಕ್ಷವನ್ನೇ ಮರೆತಿದ್ದಾರೆ. ಮುಡಾ ಹಗರಣದಿಂದ ಬಚಾವಾಗಲು ಸಿದ್ದರಾಮಯ್ಯ ನಾಟಕ ಆಡುತ್ತಿದ್ದಾರೆ.

ಜೆಡಿಎಸ್ ತಾಲ್ಲೂಕು ಪ್ರಧಾನ ಕಾರ್ಯದರ್ಶಿ ದಿಂಬ ನಾಗರಾಜ್‌ಗೌಡ, ಜೆಡಿಎಸ್ ನಗರ ಘಟಕದ ಅಧ್ಯಕ್ಷ ವಿಜಯ್ ಗೌಡ ಹಾಗೂ ಮುಖಂಡ ಪಾಪಾರಾಜ್ ಲೇಖಕ್ ಇದ್ದರು.

ಕೋಲಾರ: ತಾಲ್ಲೂಕಿನ ವೇಮಗಲ್ ಕೈಗಾರಿಕಾ ಪ್ರದೇಶದಲ್ಲಿ ಸ್ಥಾಪಿಸಿರುವ ಟಾಟಾ -ಏರ್ ಬಸ್ ಎಚ್ 125 ಹೆಲಿಕಾಪ್ಟರ್ ಜೋಡಣಾ ಘಟಕಕ್ಕೆ ಶಾಸಕ ಕೊತ್ತೂರು ಮಂಜುನಾಥ್ ಧಮ್ಕಿ ಹಾಕಿರುವುದು ಖಂಡನೀಯ. ಒಬ್ಬ ಜವಾಬ್ದಾರಿಯುತ ಜನಪ್ರತಿನಿಧಿಯಾಗಿ ದುರ್ವರ್ತನೆ ತೋರಿದ್ದಾರೆ ಎಂದು ಜೆಡಿಎಸ್ ಜಿಲ್ಲಾ ಕಾರ್ಯಾಧ್ಯಕ್ಷ ಬಣಕನಹಳ್ಳಿ ನಟರಾಜ್ ವಾಗ್ದಾಳಿ ನಡೆಸಿದರು.

ನಗರದಲ್ಲಿ ಸೋಮವಾರ ಈ ಸಂಬಂಧ ಪತ್ರಿಕಾ ಹೇಳಿಕೆ ನೀಡಿರುವ ಅವರು, ಭಾರತದಲ್ಲಿ ಖಾಸಗಿ ವಲಯದ ಮೊದಲ ಹೆಲಿಕಾಪ್ಟರ್ ಘಟಕ ಇದಾಗಿದ್ದು,ನಮ್ಮ ಜಿಲ್ಲೆಯಲ್ಲಿ ಸ್ಥಾಪನೆಯಾಗಿರುವುದು ಹೆಮ್ಮೆಯ ವಿಚಾರ. ಘಟಕವನ್ನು ಪ್ರಧಾನಿ ಮೋದಿ ಉದ್ಘಾಟಿಸಿದ್ದಾರೆ.

ಪ್ರಧಾನಿ ನರೇಂದ್ರ ಮೋದಿ, ಎನ್‌ಡಿಎ ಮೈತ್ರಿ ಸರ್ಕಾರದ ಸಚಿವ ಎಚ್.ಡಿ.ಕುಮಾರಸ್ವಾಮಿ ಅವರ ವಿಶೇಷ ಕಾಳಜಿಯಿಂದ ಈ ಘಟಕ ಬಂದಿದೆ.

ಬೃಹತ್ ಕೈಗಾರಿಕೆ ಹಾಗೂ ಉಕ್ಕು ಸಚಿವ ಎಚ್.ಡಿ. ಕುಮಾರಸ್ವಾಮಿ ಅವರಿಂದಾಗಿ ಈ ಘಟಕ ನಮ್ಮ ಜಿಲ್ಲೆಗೆ ಬಂದಿದೆ. ಆತ್ಮನಿರ್ಭರ ಭಾರತ ಹಾಗೂ ಮೇಕ್ ಇನ್ ಇಂಡಿಯಾ ಅಭಿಯಾನಕ್ಕೆ ಉತ್ತೇಜನ ನೀಡುತ್ತಿದ್ದಾರೆ ಎಂದು ಹೇಳಿದರು.

ಇಂತಹ ಘಟಕದಿಂದ ಜಿಲ್ಲೆಯ ಕೀರ್ತಿ ಹೆಚ್ಚಿದೆ. ಇದಕ್ಕೆ ಶಾಸಕ ಸಂತೋಷ ಪಡಬೇಕಿತ್ತು. ಆದರೆ, ವಿದ್ಯುತ್ ಕಟ್ ಮಾಡುತ್ತೇನೆ, ಹಳ್ಳ ತೋಡುತ್ತೇನೆ, ಟ್ರ್ಯಾಕ್ಟರ್ ಡಿಕ್ಕಿ ಹೊಡೆಸುತ್ತೇನೆ ಎಂದು ಪಟ್ಟಣ ಪಂಚಾಯಿತಿಯಲ್ಲಿ ಕುಳಿತು ಧಮ್ಕಿ ಹಾಕಿದ್ದಾರೆ. ಇದರಿಂದ ಮುಂದಿನ ದಿನಗಳಲ್ಲಿ ಜಿಲ್ಲೆಗೆ ಬೇರೆ ಕಂಪನಿಗಳು ಬರಲು ಹಿಂದೇಟು ಹಾಕುತ್ತವೆ.

ಇದೇ ಕಾರ್ಯಕ್ರಮಕ್ಕೆ ಜಿಲ್ಲೆಯ ಎಲ್ಲಾ ಶಾಸಕರು, ಸಂಸದರಿಗೂ ಇ-ಮೇಲ್ ಮೂಲಕ ಆಹ್ವಾನ ಹೋಗಿದೆ.

ಶ್ರೀ ಹರಿದಾಸ ವೆಂಕಟೇಶ ನವರತ್ನ ಮಾಲಿಕೆ

ಬೆಂಗಳೂರು : ಶ್ರೀ ಸುಧ್ವಾನ ಸಂಗೀತಧಾರಾ ವತಿಯಿಂದ ನಡೆದ "ಹರಿದಾಸ ಸಾಹಿತ್ಯ ಸಿಂಚನ" ಎಂಬ ಶೀರ್ಷಿಕೆ ಅಡಿಯಲ್ಲಿ ವಿದುಷಿ ಶ್ರೀಮತಿ ಸಂಧ್ಯಾ ಶ್ರೀನಾಥ್ ಅವರ ಮಾರ್ಗದರ್ಶನದಲ್ಲಿ ಪ್ರಸಿದ್ಧ ಹರಿದಾಸರ ಪದಗಳ ಘೋಷ್ಠಿ ಗಾಯನ ಬೆಂಗಳೂರಿನ ಮಾನಂದಿ ನಂಜುಂಡ ಶೆಟ್ಟಿ ಸಭಾಂಗಣದಲ್ಲಿ ನೆರವೇರಿತು.

ಈ ಕಾರ್ಯಕ್ರಮಕ್ಕೆ ವಾದ್ಯ ಸಹಕಾರದಲ್ಲಿ ಶ್ರೀ ಬಿ.ಆರ್.ಪ್ರಕಾಶ್ ಮತ್ತು ಶ್ರೀ ಅಮಿತ್ ಶರ್ಮಾ (ಕೀಬೋರ್ಡ್), ಶ್ರೀ ಅಶ್ವಿನ್ ಲಕ್ಷ್ಮೀನಾರಾಯಣ್ (ಕೊಳಲು), ಶ್ರೀ ಶ್ರೀನಿವಾಸ ಕಾಖಂಡಕಿ ಮತ್ತು ಶ್ರೀಪಾದ್ ಕಾಖಂಡಕಿ (ತಬಲಾ) ಹಾಗೂ ಶ್ರೀ ಕೆ.ಎಸ್. ರಮೇಶ್ (ರಿದಂಪ್ಯಾಡ್) ಸಹಕರಿಸಿದರು.
